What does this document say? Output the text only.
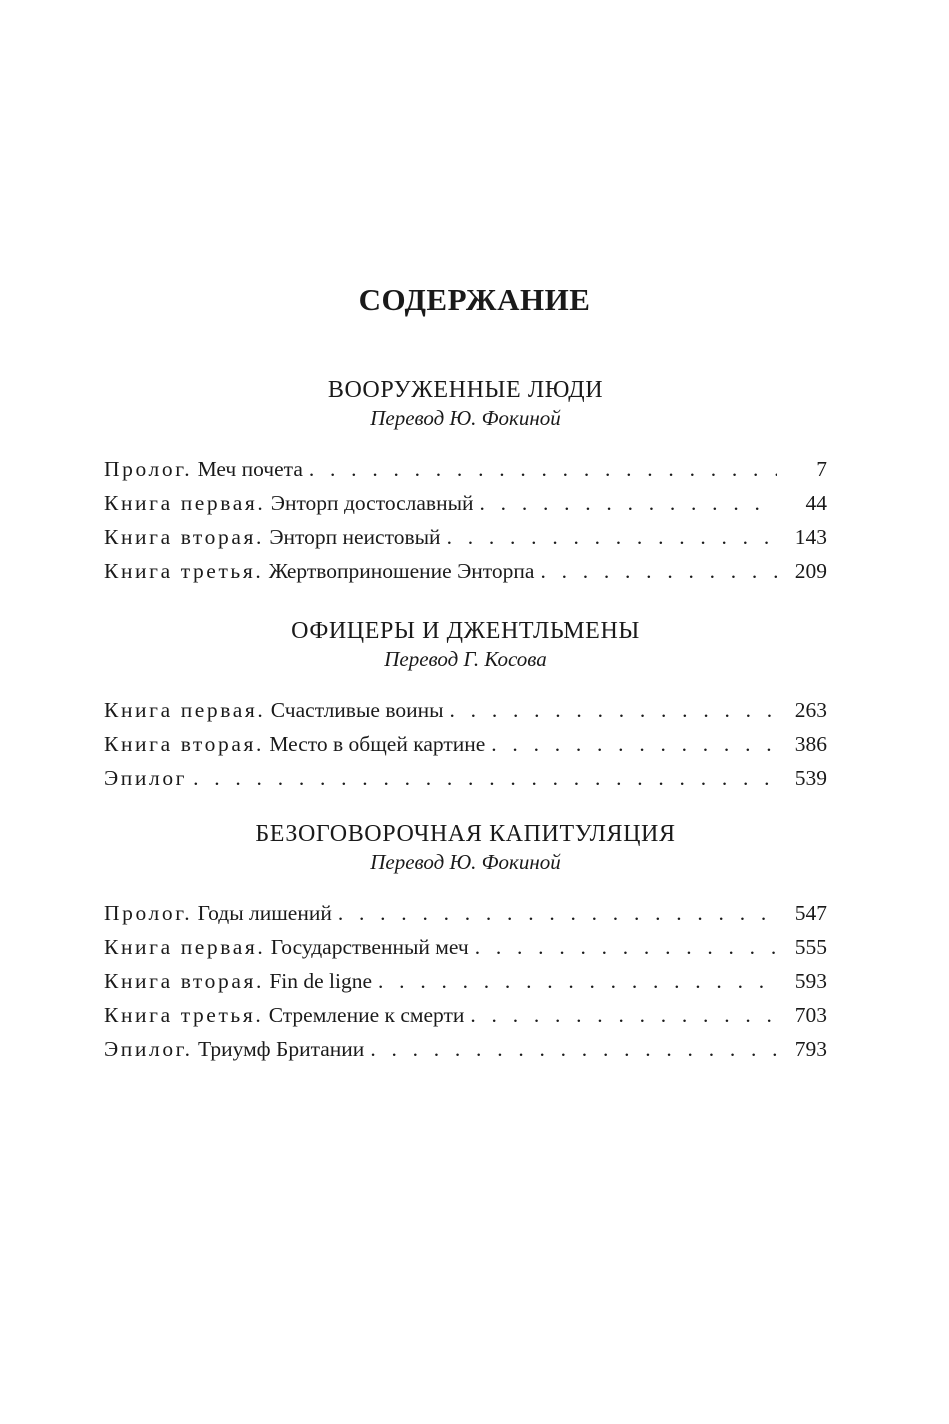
СОДЕРЖАНИЕ

ВООРУЖЕННЫЕ ЛЮДИ

Перевод Ю. Фокиной

Пролог. Меч почета . . .	7
Книга первая. Энторп достославный . . .	44
Книга вторая. Энторп неистовый . . .	143
Книга третья. Жертвоприношение Энторпа . . .	209

ОФИЦЕРЫ И ДЖЕНТЛЬМЕНЫ

Перевод Г. Косова

Книга первая. Счастливые воины . . .	263
Книга вторая. Место в общей картине . . .	386
Эпилог . . .	539

БЕЗОГОВОРОЧНАЯ КАПИТУЛЯЦИЯ

Перевод Ю. Фокиной

Пролог. Годы лишений . . .	547
Книга первая. Государственный меч . . .	555
Книга вторая. Fin de ligne . . .	593
Книга третья. Стремление к смерти . . .	703
Эпилог. Триумф Британии . . .	793
